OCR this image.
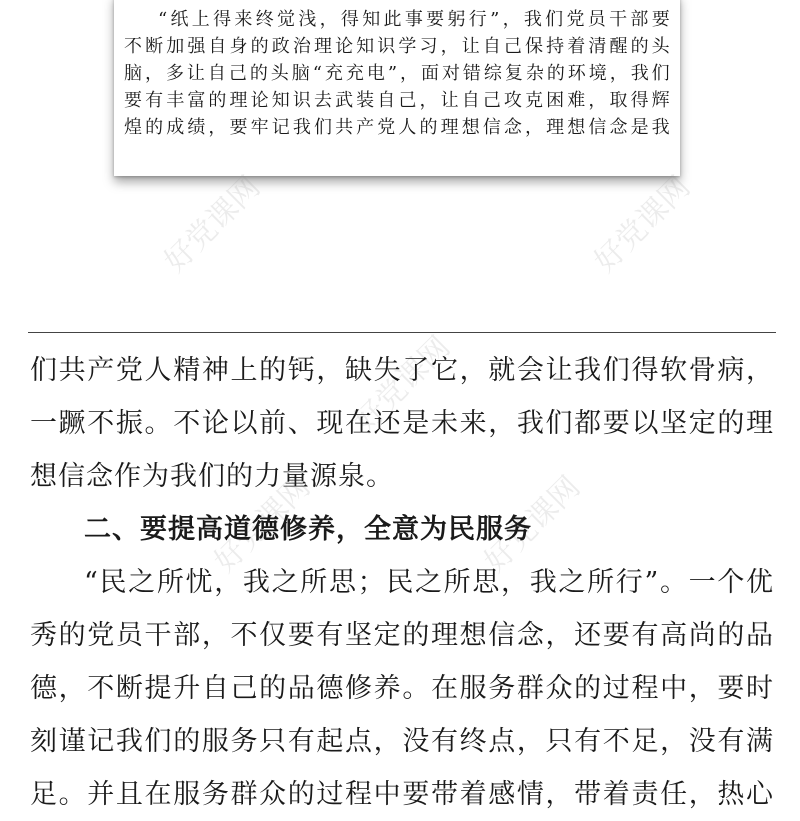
“纸上得来终觉浅，得知此事要躬行”，我们党员干部要
不断加强自身的政治理论知识学习，让自己保持着清醒的头
脑，多让自己的头脑“充充电”，面对错综复杂的环境，我们
要有丰富的理论知识去武装自己，让自己攻克困难，取得辉
煌的成绩，要牢记我们共产党人的理想信念，理想信念是我
好党课网	好党课网
好党课网
好党课网	好党课网
们共产党人精神上的钙，缺失了它，就会让我们得软骨病，
一蹶不振。不论以前、现在还是未来，我们都要以坚定的理
想信念作为我们的力量源泉。
二、要提高道德修养，全意为民服务
“民之所忧，我之所思；民之所思，我之所行”。一个优
秀的党员干部，不仅要有坚定的理想信念，还要有高尚的品
德，不断提升自己的品德修养。在服务群众的过程中，要时
刻谨记我们的服务只有起点，没有终点，只有不足，没有满
足。并且在服务群众的过程中要带着感情，带着责任，热心
